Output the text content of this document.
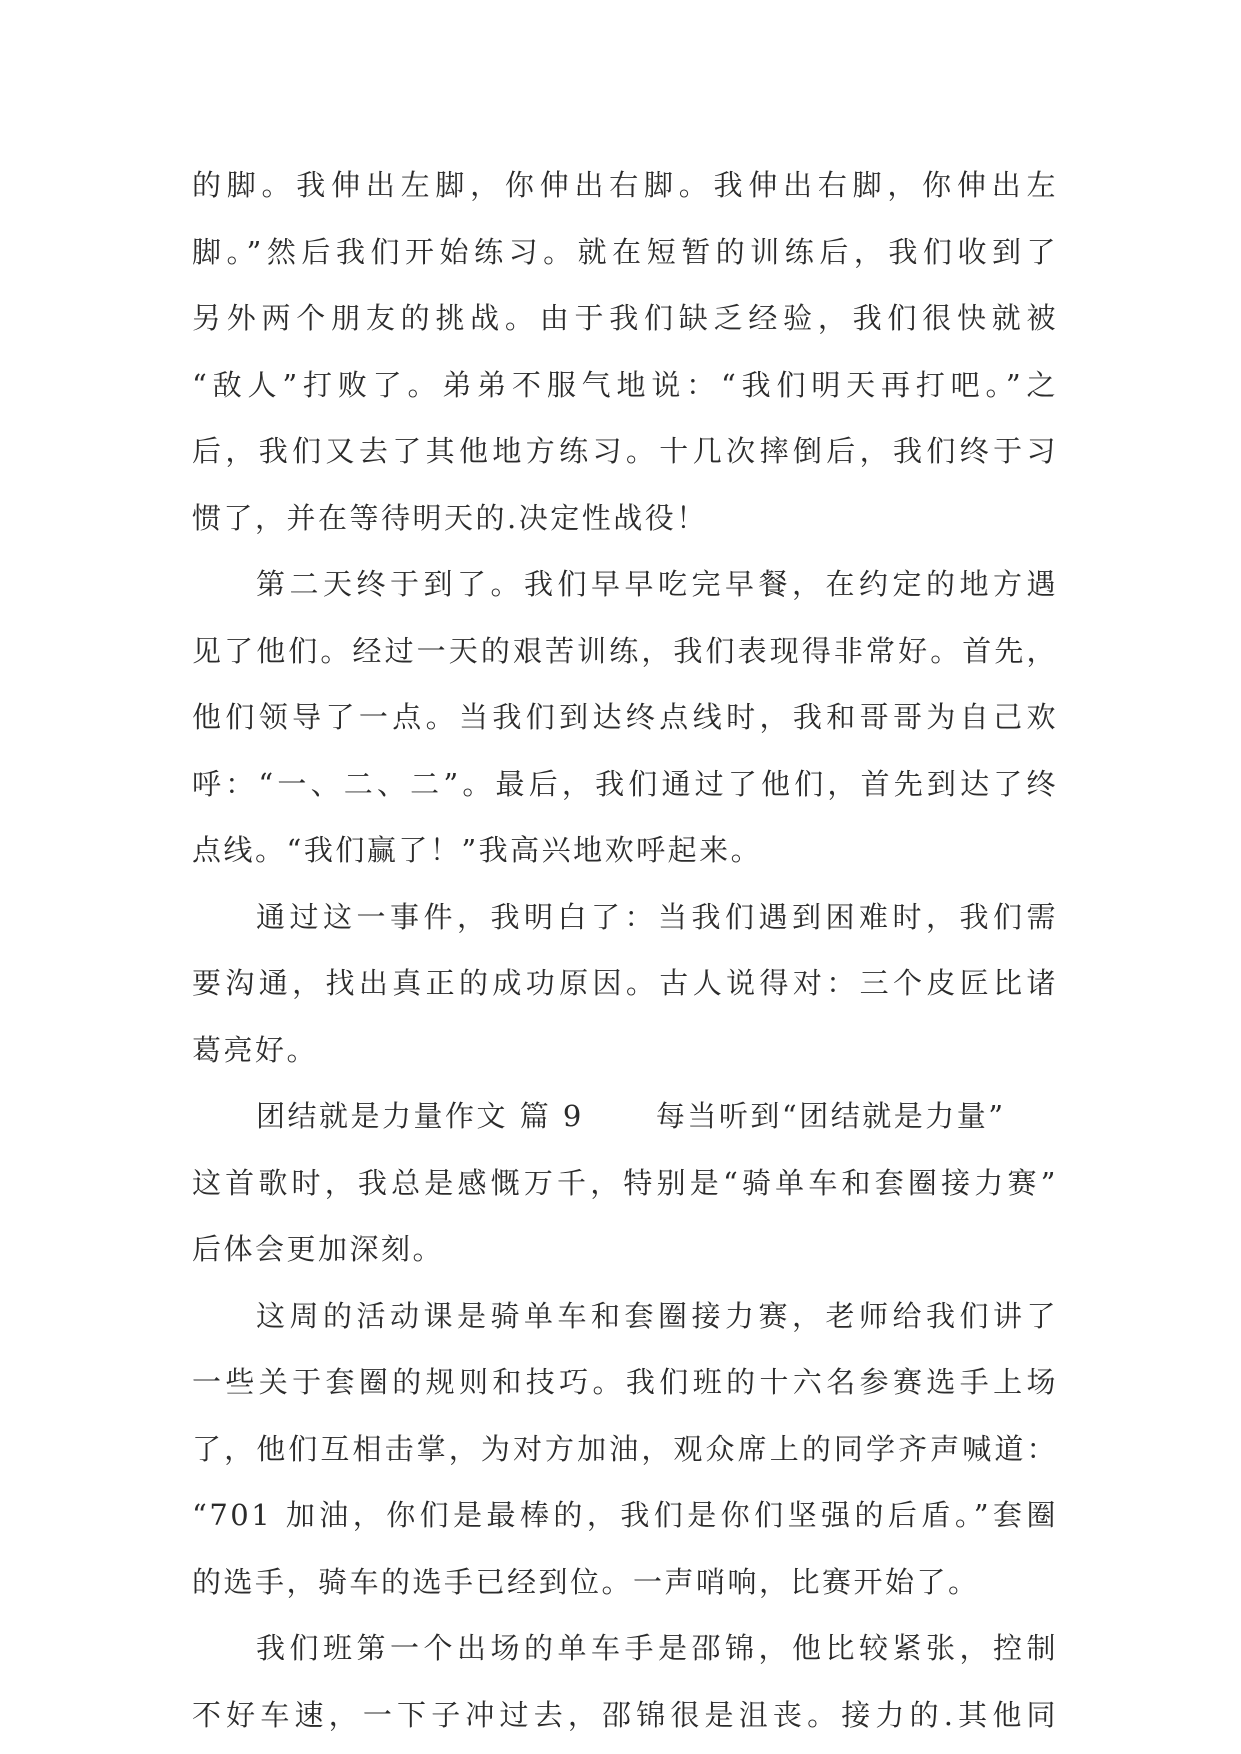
的脚。我伸出左脚，你伸出右脚。我伸出右脚，你伸出左
脚。”然后我们开始练习。就在短暂的训练后，我们收到了
另外两个朋友的挑战。由于我们缺乏经验，我们很快就被
“敌人”打败了。弟弟不服气地说：“我们明天再打吧。”之
后，我们又去了其他地方练习。十几次摔倒后，我们终于习
惯了，并在等待明天的.决定性战役！
第二天终于到了。我们早早吃完早餐，在约定的地方遇
见了他们。经过一天的艰苦训练，我们表现得非常好。首先，
他们领导了一点。当我们到达终点线时，我和哥哥为自己欢
呼：“一、二、二”。最后，我们通过了他们，首先到达了终
点线。“我们赢了！”我高兴地欢呼起来。
通过这一事件，我明白了：当我们遇到困难时，我们需
要沟通，找出真正的成功原因。古人说得对：三个皮匠比诸
葛亮好。
团结就是力量作文 篇 9 每当听到“团结就是力量”
这首歌时，我总是感慨万千，特别是“骑单车和套圈接力赛”
后体会更加深刻。
这周的活动课是骑单车和套圈接力赛，老师给我们讲了
一些关于套圈的规则和技巧。我们班的十六名参赛选手上场
了，他们互相击掌，为对方加油，观众席上的同学齐声喊道：
“701 加油，你们是最棒的，我们是你们坚强的后盾。”套圈
的选手，骑车的选手已经到位。一声哨响，比赛开始了。
我们班第一个出场的单车手是邵锦，他比较紧张，控制
不好车速，一下子冲过去，邵锦很是沮丧。接力的.其他同
